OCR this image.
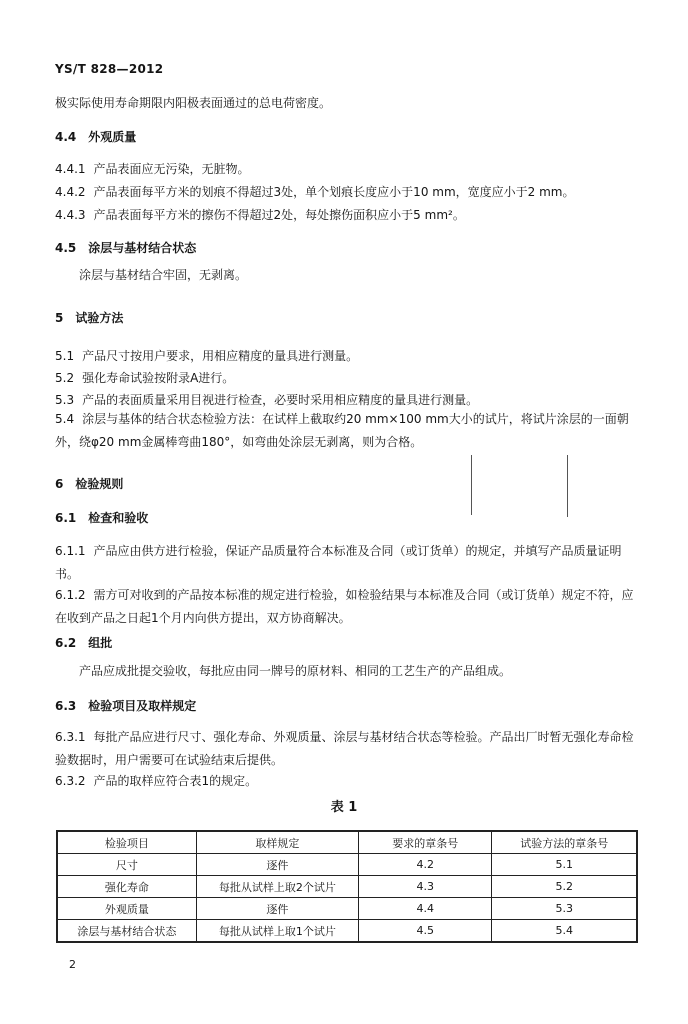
YS/T 828—2012
极实际使用寿命期限内阳极表面通过的总电荷密度。
4.4 外观质量
4.4.1 产品表面应无污染，无脏物。
4.4.2 产品表面每平方米的划痕不得超过3处，单个划痕长度应小于10 mm，宽度应小于2 mm。
4.4.3 产品表面每平方米的擦伤不得超过2处，每处擦伤面积应小于5 mm²。
4.5 涂层与基材结合状态
涂层与基材结合牢固，无剥离。
5 试验方法
5.1 产品尺寸按用户要求，用相应精度的量具进行测量。
5.2 强化寿命试验按附录A进行。
5.3 产品的表面质量采用目视进行检查，必要时采用相应精度的量具进行测量。
5.4 涂层与基体的结合状态检验方法：在试样上截取约20 mm×100 mm大小的试片，将试片涂层的一面朝外，绕φ20 mm金属棒弯曲180°，如弯曲处涂层无剥离，则为合格。
6 检验规则
6.1 检查和验收
6.1.1 产品应由供方进行检验，保证产品质量符合本标准及合同（或订货单）的规定，并填写产品质量证明书。
6.1.2 需方可对收到的产品按本标准的规定进行检验，如检验结果与本标准及合同（或订货单）规定不符，应在收到产品之日起1个月内向供方提出，双方协商解决。
6.2 组批
产品应成批提交验收，每批应由同一牌号的原材料、相同的工艺生产的产品组成。
6.3 检验项目及取样规定
6.3.1 每批产品应进行尺寸、强化寿命、外观质量、涂层与基材结合状态等检验。产品出厂时暂无强化寿命检验数据时，用户需要可在试验结束后提供。
6.3.2 产品的取样应符合表1的规定。
表 1
检验项目	取样规定	要求的章条号	试验方法的章条号
尺寸	逐件	4.2	5.1
强化寿命	每批从试样上取2个试片	4.3	5.2
外观质量	逐件	4.4	5.3
涂层与基材结合状态	每批从试样上取1个试片	4.5	5.4
2
